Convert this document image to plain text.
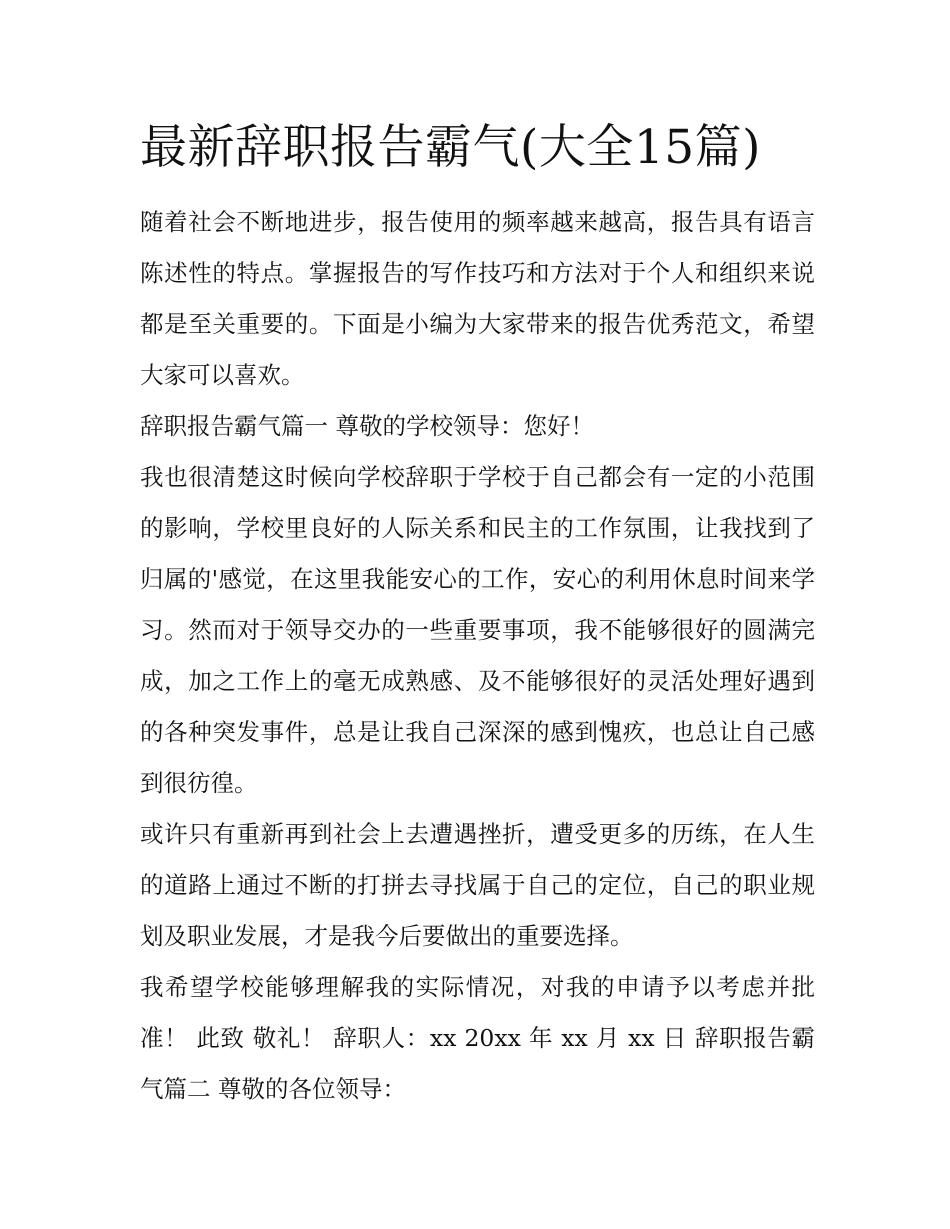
最新辞职报告霸气(大全15篇)

随着社会不断地进步，报告使用的频率越来越高，报告具有语言陈述性的特点。掌握报告的写作技巧和方法对于个人和组织来说都是至关重要的。下面是小编为大家带来的报告优秀范文，希望大家可以喜欢。

辞职报告霸气篇一 尊敬的学校领导：您好！

我也很清楚这时候向学校辞职于学校于自己都会有一定的小范围的影响，学校里良好的人际关系和民主的工作氛围，让我找到了归属的'感觉，在这里我能安心的工作，安心的利用休息时间来学习。然而对于领导交办的一些重要事项，我不能够很好的圆满完成，加之工作上的毫无成熟感、及不能够很好的灵活处理好遇到的各种突发事件，总是让我自己深深的感到愧疚，也总让自己感到很彷徨。

或许只有重新再到社会上去遭遇挫折，遭受更多的历练，在人生的道路上通过不断的打拼去寻找属于自己的定位，自己的职业规划及职业发展，才是我今后要做出的重要选择。

我希望学校能够理解我的实际情况，对我的申请予以考虑并批准！ 此致 敬礼！ 辞职人：xx 20xx 年 xx 月 xx 日 辞职报告霸气篇二 尊敬的各位领导：
